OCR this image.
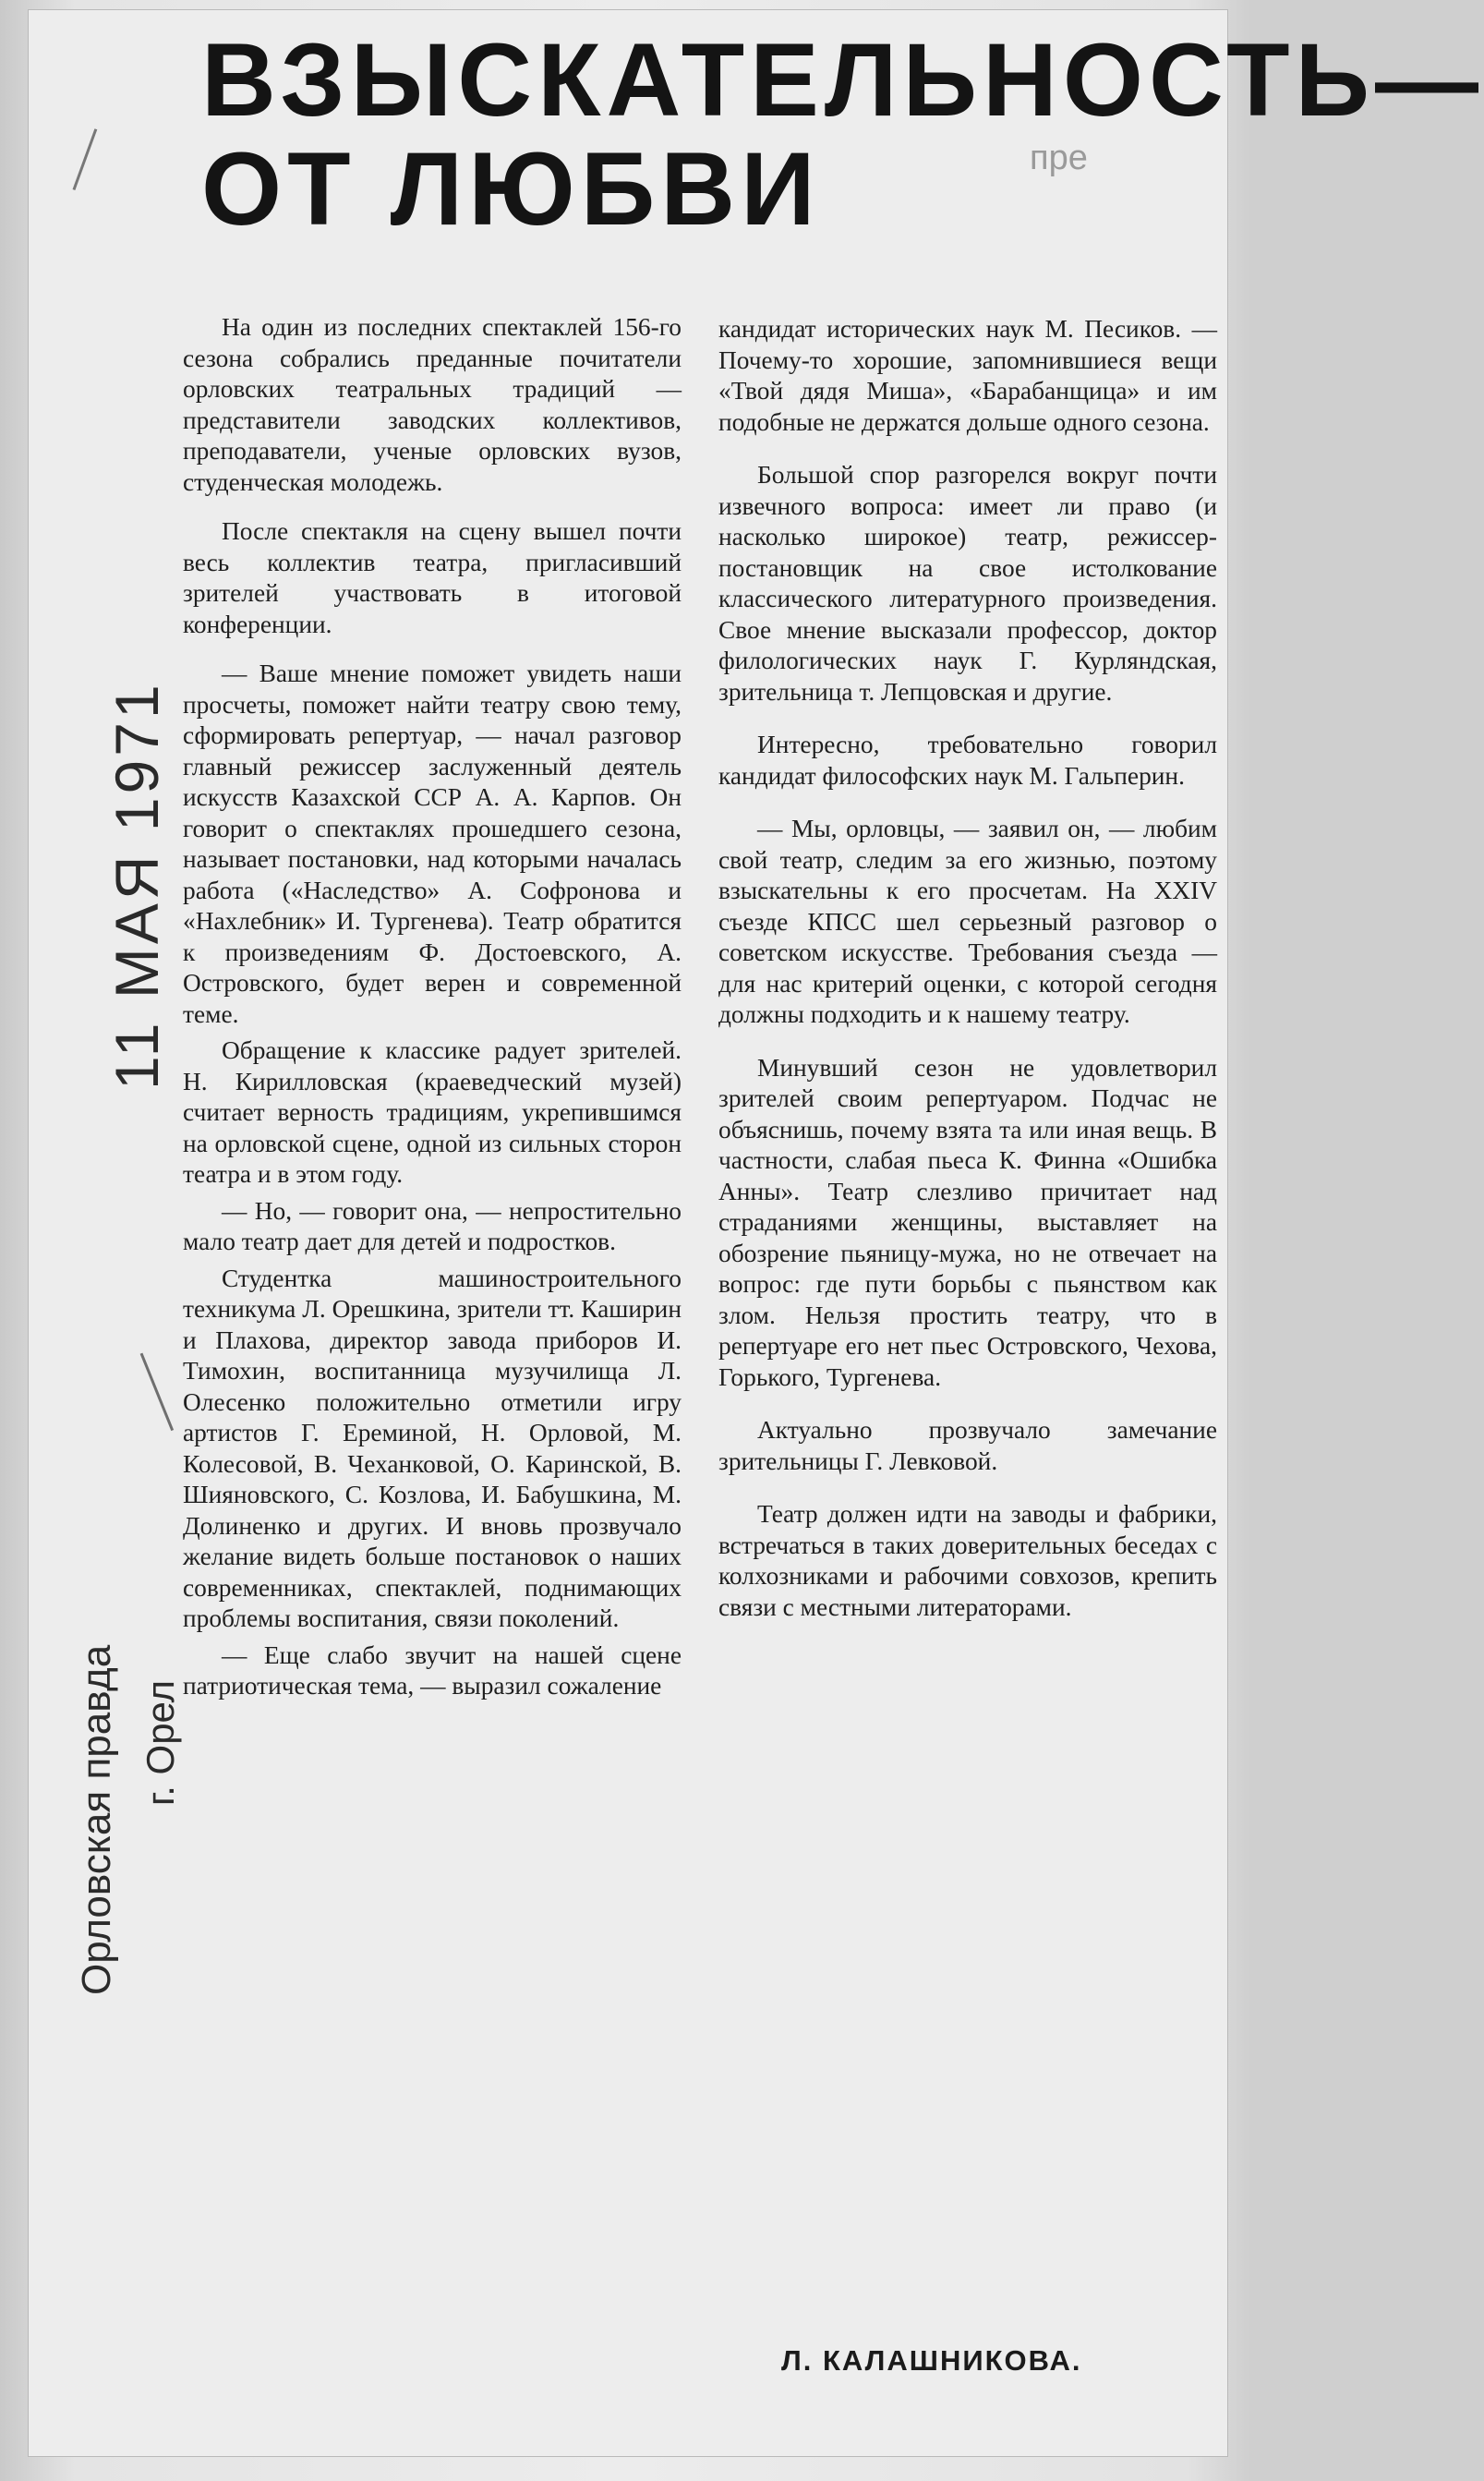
пре
ВЗЫСКАТЕЛЬНОСТЬ—
ОТ ЛЮБВИ
11 МАЯ 1971
Орловская правда г. Орел

На один из последних спектаклей 156-го сезона собрались преданные почитатели орловских театральных традиций — представители заводских коллективов, преподаватели, ученые орловских вузов, студенческая молодежь.

После спектакля на сцену вышел почти весь коллектив театра, пригласивший зрителей участвовать в итоговой конференции.

— Ваше мнение поможет увидеть наши просчеты, поможет найти театру свою тему, сформировать репертуар, — начал разговор главный режиссер заслуженный деятель искусств Казахской ССР А. А. Карпов. Он говорит о спектаклях прошедшего сезона, называет постановки, над которыми началась работа («Наследство» А. Софронова и «Нахлебник» И. Тургенева). Театр обратится к произведениям Ф. Достоевского, А. Островского, будет верен и современной теме.

Обращение к классике радует зрителей. Н. Кирилловская (краеведческий музей) считает верность традициям, укрепившимся на орловской сцене, одной из сильных сторон театра и в этом году.

— Но, — говорит она, — непростительно мало театр дает для детей и подростков.

Студентка машиностроительного техникума Л. Орешкина, зрители тт. Каширин и Плахова, директор завода приборов И. Тимохин, воспитанница музучилища Л. Олесенко положительно отметили игру артистов Г. Ереминой, Н. Орловой, М. Колесовой, В. Чеханковой, О. Каринской, В. Шияновского, С. Козлова, И. Бабушкина, М. Долиненко и других. И вновь прозвучало желание видеть больше постановок о наших современниках, спектаклей, поднимающих проблемы воспитания, связи поколений.

— Еще слабо звучит на нашей сцене патриотическая тема, — выразил сожаление

кандидат исторических наук М. Песиков. — Почему-то хорошие, запомнившиеся вещи «Твой дядя Миша», «Барабанщица» и им подобные не держатся дольше одного сезона.

Большой спор разгорелся вокруг почти извечного вопроса: имеет ли право (и насколько широкое) театр, режиссер-постановщик на свое истолкование классического литературного произведения. Свое мнение высказали профессор, доктор филологических наук Г. Курляндская, зрительница т. Лепцовская и другие.

Интересно, требовательно говорил кандидат философских наук М. Гальперин.

— Мы, орловцы, — заявил он, — любим свой театр, следим за его жизнью, поэтому взыскательны к его просчетам. На XXIV съезде КПСС шел серьезный разговор о советском искусстве. Требования съезда — для нас критерий оценки, с которой сегодня должны подходить и к нашему театру.

Минувший сезон не удовлетворил зрителей своим репертуаром. Подчас не объяснишь, почему взята та или иная вещь. В частности, слабая пьеса К. Финна «Ошибка Анны». Театр слезливо причитает над страданиями женщины, выставляет на обозрение пьяницу-мужа, но не отвечает на вопрос: где пути борьбы с пьянством как злом. Нельзя простить театру, что в репертуаре его нет пьес Островского, Чехова, Горького, Тургенева.

Актуально прозвучало замечание зрительницы Г. Левковой.

Театр должен идти на заводы и фабрики, встречаться в таких доверительных беседах с колхозниками и рабочими совхозов, крепить связи с местными литераторами.

Л. КАЛАШНИКОВА.
